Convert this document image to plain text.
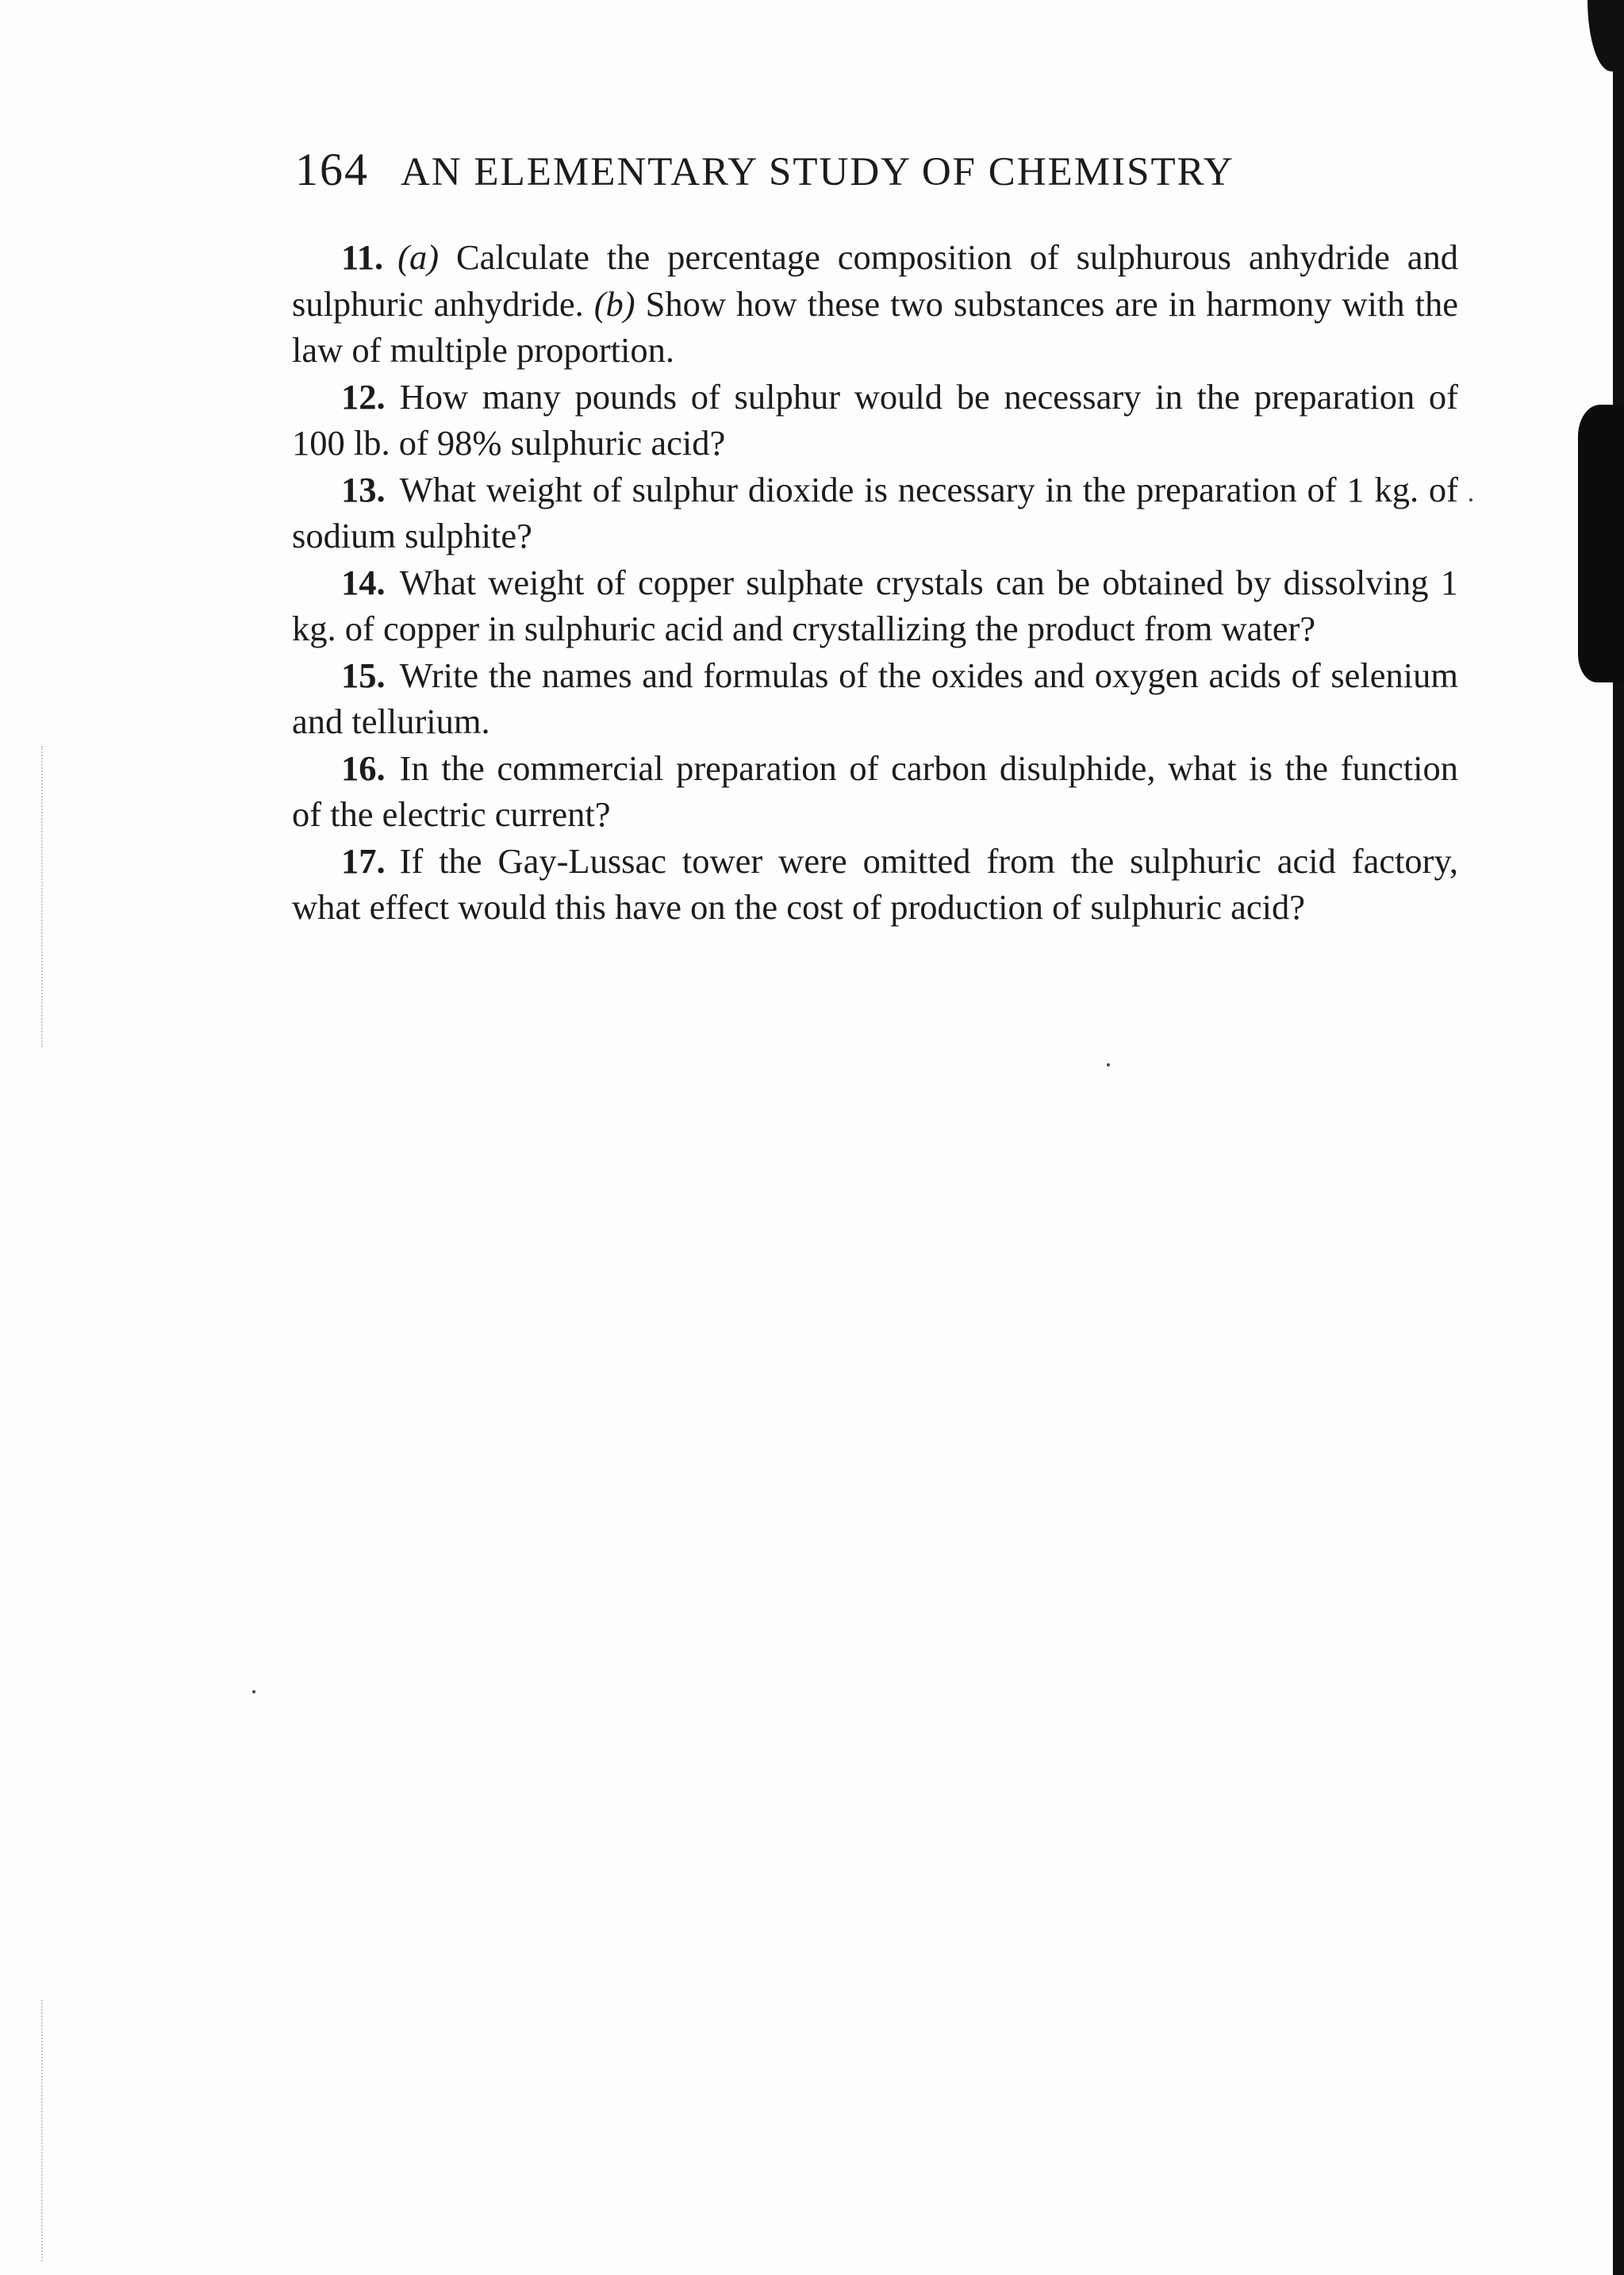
164 AN ELEMENTARY STUDY OF CHEMISTRY

11. (a) Calculate the percentage composition of sulphurous anhydride and sulphuric anhydride. (b) Show how these two substances are in harmony with the law of multiple proportion.

12. How many pounds of sulphur would be necessary in the preparation of 100 lb. of 98% sulphuric acid?

13. What weight of sulphur dioxide is necessary in the preparation of 1 kg. of sodium sulphite?

14. What weight of copper sulphate crystals can be obtained by dissolving 1 kg. of copper in sulphuric acid and crystallizing the product from water?

15. Write the names and formulas of the oxides and oxygen acids of selenium and tellurium.

16. In the commercial preparation of carbon disulphide, what is the function of the electric current?

17. If the Gay-Lussac tower were omitted from the sulphuric acid factory, what effect would this have on the cost of production of sulphuric acid?
